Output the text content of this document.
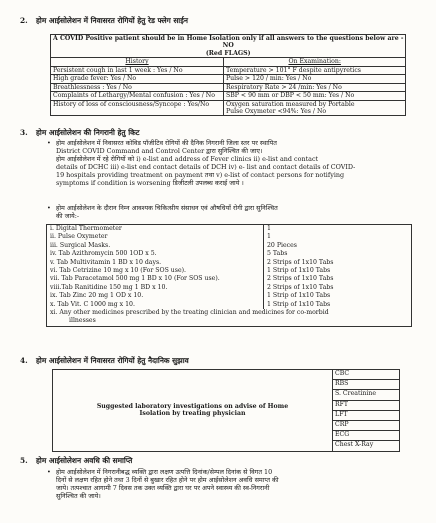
2. होम आईसोलेशन में निवासरत रोगियों हेतु रेड फ्लेग साईन
A COVID Positive patient should be in Home Isolation only if all answers to the questions below are -
NO
(Red FLAGS)	

History	On Examination:
Persistent cough in last 1 week : Yes / No	Temperature > 101° F despite antipyretics
High grade fever: Yes / No	Pulse > 120 / min: Yes / No
Breathlessness : Yes / No	Respiratory Rate > 24 /min: Yes / No
Complaints of Lethargy/Mental confusion : Yes / No	SBP < 90 mm or DBP < 50 mm: Yes / No
History of loss of consciousness/Syncope : Yes/No	Oxygen saturation measured by Portable
Pulse Oxymeter <94%: Yes / No
3. होम आईसोलेशन की निगरानी हेतु किट
• होम आईसोलेशन में निवासरत कोविड पॉजीटिव रोगियों की दैनिक निगरानी जिला स्तर पर स्थापित
District COVID Command and Control Center द्वारा सुनिश्चित की जाए।
होम आईसोलेशन में रहे रोगियों को i) e-list and address of Fever clinics ii) e-list and contact
details of DCHC iii) e-list end contact details of DCH iv) e- list and contact details of COVID-
19 hospitals providing treatment on payment तथा v) e-list of contact persons for notifying
symptoms if condition is worsening डिजीटली उपलब्ध कराई जाये ।
• होम आईसोलेशन के दौरान निम्न आवश्यक चिकित्सीय संसाधन एवं औषधियाँ रोगी द्वारा सुनिश्चित
की जाये:-
i. Digital Thermometer	1
ii. Pulse Oxymeter	1
iii. Surgical Masks.	20 Pieces
iv. Tab Azithromycin 500 1OD x 5.	5 Tabs
v. Tab Multivitamin 1 BD x 10 days.	2 Strips of 1x10 Tabs
vi. Tab Cetrizine 10 mg x 10 (For SOS use).	1 Strip of 1x10 Tabs
vii. Tab Paracetamol 500 mg 1 BD x 10 (For SOS use).	2 Strips of 1x10 Tabs
viii.Tab Ranitidine 150 mg 1 BD x 10.	2 Strips of 1x10 Tabs
ix. Tab Zinc 20 mg 1 OD x 10.	1 Strip of 1x10 Tabs
x. Tab Vit. C 1000 mg x 10.	1 Strip of 1x10 Tabs
xi. Any other medicines prescribed by the treating clinician and medicines for co-morbid	
illnesses	
4. होम आईसोलेशन में निवासरत रोगियों हेतु नैदानिक सुझाव
Suggested laboratory investigations on advise of Home Isolation by treating physician	CBC
RBS
S. Creatinine
RFT
LFT
CRP
ECG
Chest X-Ray
5. होम आईसोलेशन अवधि की समाप्ति
• होम आईसोलेशन में निगरानीबद्ध व्यक्ति द्वारा लक्षण उत्पत्ति दिनांक/सेम्पल दिनांक से विगत 10
दिनों से लक्षण रहित होने तथा 3 दिनों से बुखार रहित होने पर होम आईसोलेशन अवधि समाप्त की
जाये। तत्पश्चात आगामी 7 दिवस तक उक्त व्यक्ति द्वारा घर पर अपने स्वास्थ्य की स्व-निगरानी
सुनिश्चित की जाये।
